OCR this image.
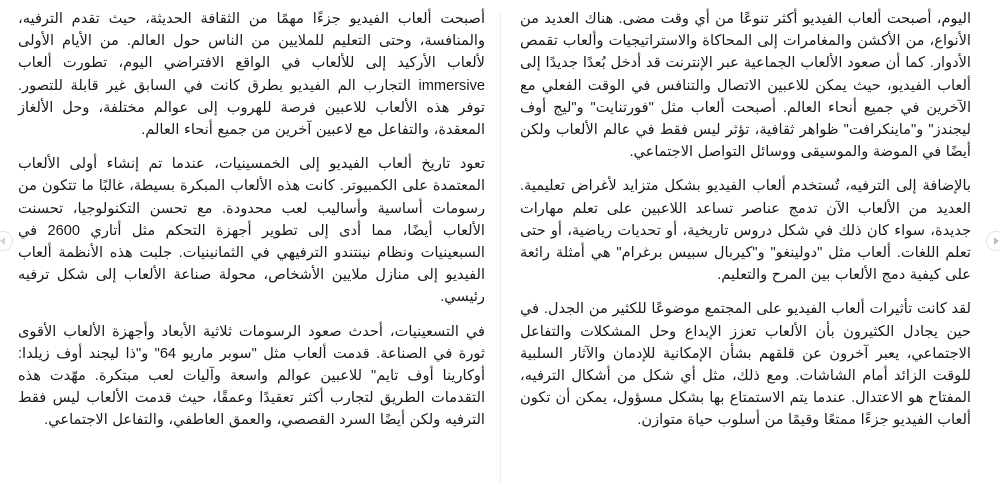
أصبحت ألعاب الفيديو جزءًا مهمًا من الثقافة الحديثة، حيث تقدم الترفيه، والمنافسة، وحتى التعليم للملايين من الناس حول العالم. من الأيام الأولى لألعاب الأركيد إلى للألعاب في الواقع الافتراضي اليوم، تطورت ألعاب immersive التجارب الم الفيديو بطرق كانت في السابق غير قابلة للتصور. توفر هذه الألعاب للاعبين فرصة للهروب إلى عوالم مختلفة، وحل الألغاز المعقدة، والتفاعل مع لاعبين آخرين من جميع أنحاء العالم.

تعود تاريخ ألعاب الفيديو إلى الخمسينيات، عندما تم إنشاء أولى الألعاب المعتمدة على الكمبيوتر. كانت هذه الألعاب المبكرة بسيطة، غالبًا ما تتكون من رسومات أساسية وأساليب لعب محدودة. مع تحسن التكنولوجيا، تحسنت الألعاب أيضًا، مما أدى إلى تطوير أجهزة التحكم مثل أتاري 2600 في السبعينيات ونظام نينتندو الترفيهي في الثمانينيات. جلبت هذه الأنظمة ألعاب الفيديو إلى منازل ملايين الأشخاص، محولة صناعة الألعاب إلى شكل ترفيه رئيسي.

في التسعينيات، أحدث صعود الرسومات ثلاثية الأبعاد وأجهزة الألعاب الأقوى ثورة في الصناعة. قدمت ألعاب مثل "سوبر ماريو 64" و"ذا ليجند أوف زيلدا: أوكارينا أوف تايم" للاعبين عوالم واسعة وآليات لعب مبتكرة. مهّدت هذه التقدمات الطريق لتجارب أكثر تعقيدًا وعمقًا، حيث قدمت الألعاب ليس فقط الترفيه ولكن أيضًا السرد القصصي، والعمق العاطفي، والتفاعل الاجتماعي.

اليوم، أصبحت ألعاب الفيديو أكثر تنوعًا من أي وقت مضى. هناك العديد من الأنواع، من الأكشن والمغامرات إلى المحاكاة والاستراتيجيات وألعاب تقمص الأدوار. كما أن صعود الألعاب الجماعية عبر الإنترنت قد أدخل بُعدًا جديدًا إلى ألعاب الفيديو، حيث يمكن للاعبين الاتصال والتنافس في الوقت الفعلي مع الآخرين في جميع أنحاء العالم. أصبحت ألعاب مثل "فورتنايت" و"ليج أوف ليجندز" و"ماينكرافت" ظواهر ثقافية، تؤثر ليس فقط في عالم الألعاب ولكن أيضًا في الموضة والموسيقى ووسائل التواصل الاجتماعي.

بالإضافة إلى الترفيه، تُستخدم ألعاب الفيديو بشكل متزايد لأغراض تعليمية. العديد من الألعاب الآن تدمج عناصر تساعد اللاعبين على تعلم مهارات جديدة، سواء كان ذلك في شكل دروس تاريخية، أو تحديات رياضية، أو حتى تعلم اللغات. ألعاب مثل "دولينغو" و"كيربال سبيس برغرام" هي أمثلة رائعة على كيفية دمج الألعاب بين المرح والتعليم.

لقد كانت تأثيرات ألعاب الفيديو على المجتمع موضوعًا للكثير من الجدل. في حين يجادل الكثيرون بأن الألعاب تعزز الإبداع وحل المشكلات والتفاعل الاجتماعي، يعبر آخرون عن قلقهم بشأن الإمكانية للإدمان والآثار السلبية للوقت الزائد أمام الشاشات. ومع ذلك، مثل أي شكل من أشكال الترفيه، المفتاح هو الاعتدال. عندما يتم الاستمتاع بها بشكل مسؤول، يمكن أن تكون ألعاب الفيديو جزءًا ممتعًا وقيمًا من أسلوب حياة متوازن.
